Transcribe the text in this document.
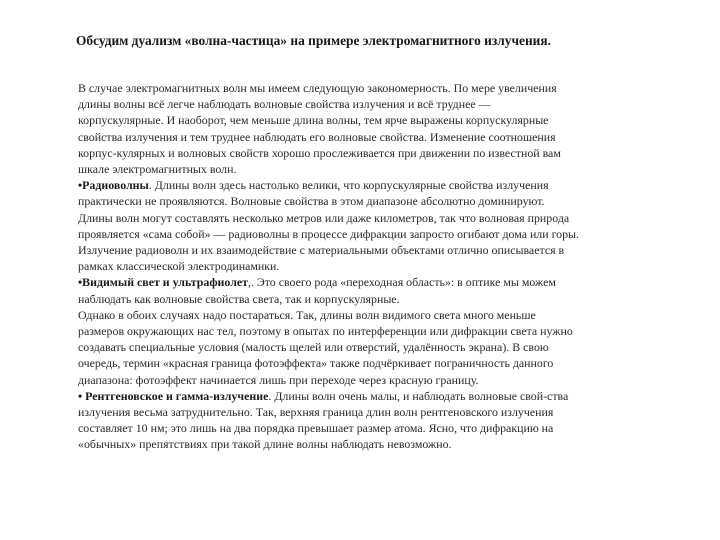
Обсудим дуализм «волна-частица» на примере электромагнитного излучения.
В случае электромагнитных волн мы имеем следующую закономерность. По мере увеличения
длины волны всё легче наблюдать волновые свойства излучения и всё труднее —
корпускулярные. И наоборот, чем меньше длина волны, тем ярче выражены корпускулярные
свойства излучения и тем труднее наблюдать его волновые свойства. Изменение соотношения
корпус-кулярных и волновых свойств хорошо прослеживается при движении по известной вам
шкале электромагнитных волн.
•Радиоволны. Длины волн здесь настолько велики, что корпускулярные свойства излучения
практически не проявляются. Волновые свойства в этом диапазоне абсолютно доминируют.
Длины волн могут составлять несколько метров или даже километров, так что волновая природа
проявляется «сама собой» — радиоволны в процессе дифракции запросто огибают дома или горы.
Излучение радиоволн и их взаимодействие с материальными объектами отлично описывается в
рамках классической электродинамики.
•Видимый свет и ультрафиолет,. Это своего рода «переходная область»: в оптике мы можем
наблюдать как волновые свойства света, так и корпускулярные.
Однако в обоих случаях надо постараться. Так, длины волн видимого света много меньше
размеров окружающих нас тел, поэтому в опытах по интерференции или дифракции света нужно
создавать специальные условия (малость щелей или отверстий, удалённость экрана). В свою
очередь, термин «красная граница фотоэффекта» также подчёркивает пограничность данного
диапазона: фотоэффект начинается лишь при переходе через красную границу.
• Рентгеновское и гамма-излучение. Длины волн очень малы, и наблюдать волновые свой-ства
излучения весьма затруднительно. Так, верхняя граница длин волн рентгеновского излучения
составляет 10 нм; это лишь на два порядка превышает размер атома. Ясно, что дифракцию на
«обычных» препятствиях при такой длине волны наблюдать невозможно.
